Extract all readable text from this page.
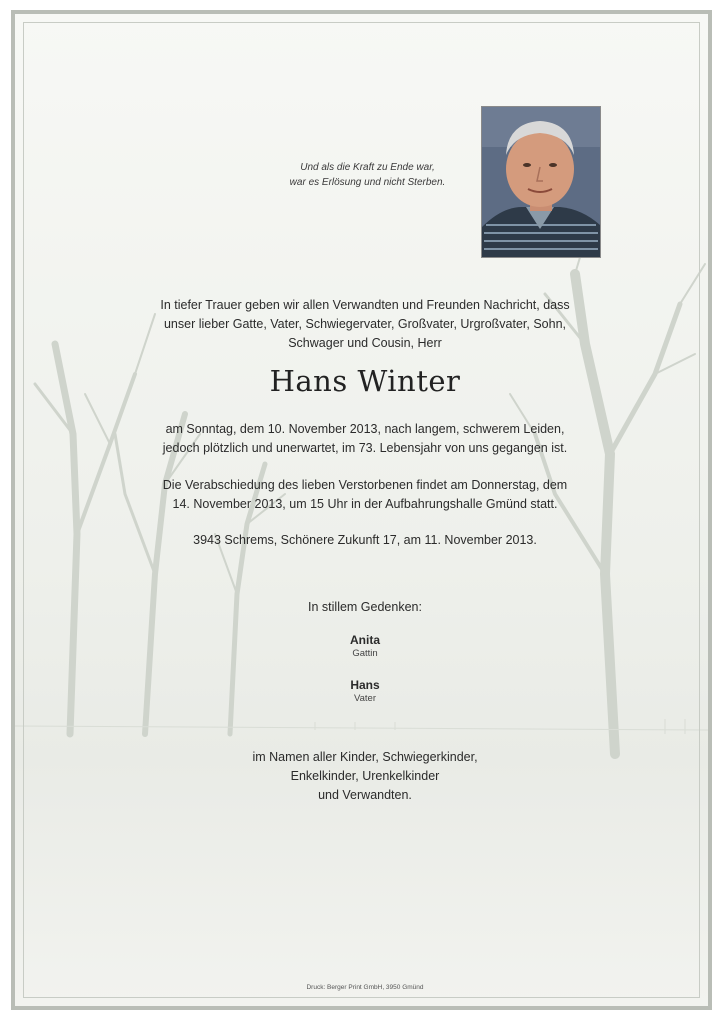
Und als die Kraft zu Ende war,
war es Erlösung und nicht Sterben.
In tiefer Trauer geben wir allen Verwandten und Freunden Nachricht, dass
unser lieber Gatte, Vater, Schwiegervater, Großvater, Urgroßvater, Sohn,
Schwager und Cousin, Herr
Hans Winter
am Sonntag, dem 10. November 2013, nach langem, schwerem Leiden,
jedoch plötzlich und unerwartet, im 73. Lebensjahr von uns gegangen ist.
Die Verabschiedung des lieben Verstorbenen findet am Donnerstag, dem
14. November 2013, um 15 Uhr in der Aufbahrungshalle Gmünd statt.
3943 Schrems, Schönere Zukunft 17, am 11. November 2013.
In stillem Gedenken:
Anita
Gattin
Hans
Vater
im Namen aller Kinder, Schwiegerkinder,
Enkelkinder, Urenkelkinder
und Verwandten.
Druck: Berger Print GmbH, 3950 Gmünd
